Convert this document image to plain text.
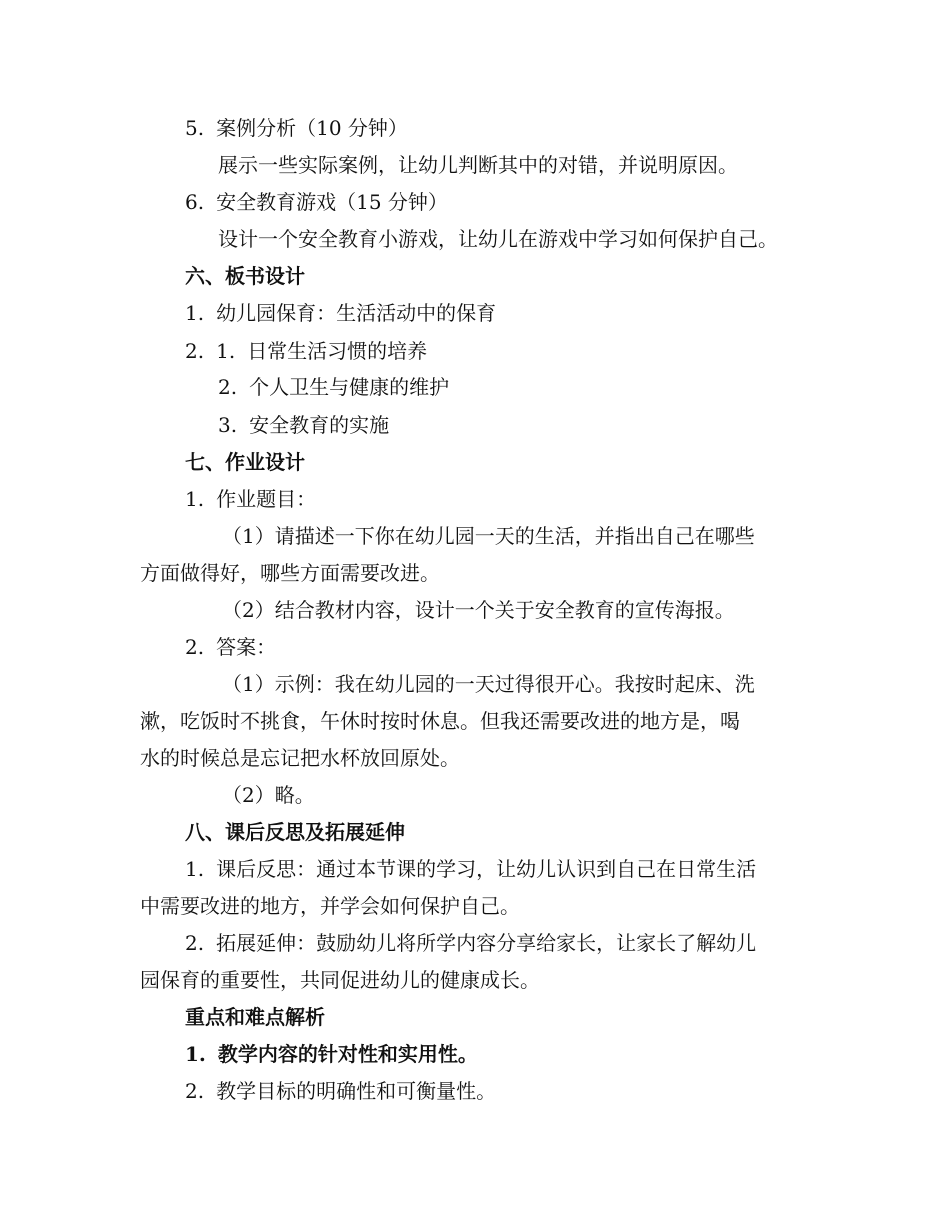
5. 案例分析（10 分钟）
展示一些实际案例，让幼儿判断其中的对错，并说明原因。
6. 安全教育游戏（15 分钟）
设计一个安全教育小游戏，让幼儿在游戏中学习如何保护自己。
六、板书设计
1. 幼儿园保育：生活活动中的保育
2. 1. 日常生活习惯的培养
2. 个人卫生与健康的维护
3. 安全教育的实施
七、作业设计
1. 作业题目：
（1）请描述一下你在幼儿园一天的生活，并指出自己在哪些
方面做得好，哪些方面需要改进。
（2）结合教材内容，设计一个关于安全教育的宣传海报。
2. 答案：
（1）示例：我在幼儿园的一天过得很开心。我按时起床、洗
漱，吃饭时不挑食，午休时按时休息。但我还需要改进的地方是，喝
水的时候总是忘记把水杯放回原处。
（2）略。
八、课后反思及拓展延伸
1. 课后反思：通过本节课的学习，让幼儿认识到自己在日常生活
中需要改进的地方，并学会如何保护自己。
2. 拓展延伸：鼓励幼儿将所学内容分享给家长，让家长了解幼儿
园保育的重要性，共同促进幼儿的健康成长。
重点和难点解析
1. 教学内容的针对性和实用性。
2. 教学目标的明确性和可衡量性。
